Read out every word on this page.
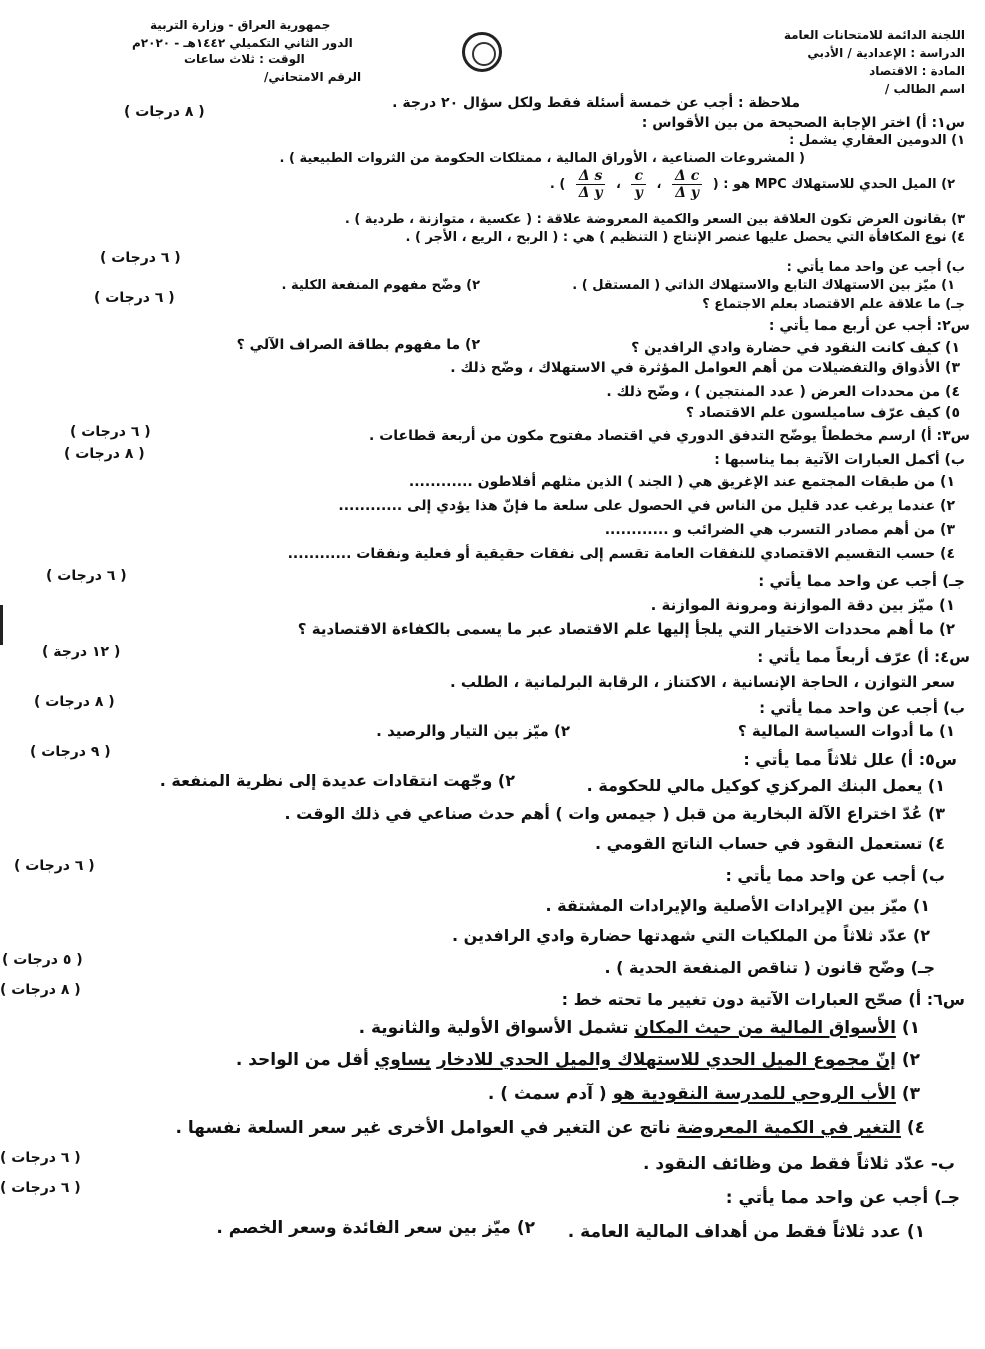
جمهورية العراق - وزارة التربية
الدور الثاني التكميلي ١٤٤٢هـ - ٢٠٢٠م
الوقت : ثلاث ساعات
الرقم الامتحاني/
اللجنة الدائمة للامتحانات العامة
الدراسة : الإعدادية / الأدبي
المادة : الاقتصاد
اسم الطالب /
ملاحظة : أجب عن خمسة أسئلة فقط ولكل سؤال ٢٠ درجة .
( ٨ درجات )
س١: أ) اختر الإجابة الصحيحة من بين الأقواس :
١) الدومين العقاري يشمل :
( المشروعات الصناعية ، الأوراق المالية ، ممتلكات الحكومة من الثروات الطبيعية ) .
٢) الميل الحدي للاستهلاك MPC هو : (
$\frac{\text{Δ c}}{\text{Δ y}}$
،
$\frac{c}{y}$
،
$\frac{\text{Δ s}}{\text{Δ y}}$
) .
٣) بقانون العرض تكون العلاقة بين السعر والكمية المعروضة علاقة : ( عكسية ، متوازنة ، طردية ) .
٤) نوع المكافأة التي يحصل عليها عنصر الإنتاج ( التنظيم ) هي : ( الربح ، الريع ، الأجر ) .
( ٦ درجات )
ب) أجب عن واحد مما يأتي :
١) ميّز بين الاستهلاك التابع والاستهلاك الذاتي ( المستقل ) .
٢) وضّح مفهوم المنفعة الكلية .
( ٦ درجات )	جـ) ما علاقة علم الاقتصاد بعلم الاجتماع ؟
س٢: أجب عن أربع مما يأتي :
١) كيف كانت النقود في حضارة وادي الرافدين ؟
٢) ما مفهوم بطاقة الصراف الآلي ؟
٣) الأذواق والتفضيلات من أهم العوامل المؤثرة في الاستهلاك ، وضّح ذلك .
٤) من محددات العرض ( عدد المنتجين ) ، وضّح ذلك .
٥) كيف عرّف ساميلسون علم الاقتصاد ؟
( ٦ درجات )	س٣: أ) ارسم مخططاً يوضّح التدفق الدوري في اقتصاد مفتوح مكون من أربعة قطاعات .
( ٨ درجات )	ب) أكمل العبارات الآتية بما يناسبها :
١) من طبقات المجتمع عند الإغريق هي ( الجند ) الذين مثلهم أفلاطون ............
٢) عندما يرغب عدد قليل من الناس في الحصول على سلعة ما فإنّ هذا يؤدي إلى ............
٣) من أهم مصادر التسرب هي الضرائب و ............
٤) حسب التقسيم الاقتصادي للنفقات العامة تقسم إلى نفقات حقيقية أو فعلية ونفقات ............
( ٦ درجات )	جـ) أجب عن واحد مما يأتي :
١) ميّز بين دقة الموازنة ومرونة الموازنة .
٢) ما أهم محددات الاختيار التي يلجأ إليها علم الاقتصاد عبر ما يسمى بالكفاءة الاقتصادية ؟
( ١٢ درجة )	س٤: أ) عرّف أربعاً مما يأتي :
سعر التوازن ، الحاجة الإنسانية ، الاكتناز ، الرقابة البرلمانية ، الطلب .
( ٨ درجات )	ب) أجب عن واحد مما يأتي :
١) ما أدوات السياسة المالية ؟
٢) ميّز بين التيار والرصيد .
( ٩ درجات )	س٥: أ) علل ثلاثاً مما يأتي :
١) يعمل البنك المركزي كوكيل مالي للحكومة .
٢) وجّهت انتقادات عديدة إلى نظرية المنفعة .
٣) عُدّ اختراع الآلة البخارية من قبل ( جيمس وات ) أهم حدث صناعي في ذلك الوقت .
٤) تستعمل النقود في حساب الناتج القومي .
( ٦ درجات )	ب) أجب عن واحد مما يأتي :
١) ميّز بين الإيرادات الأصلية والإيرادات المشتقة .
٢) عدّد ثلاثاً من الملكيات التي شهدتها حضارة وادي الرافدين .
( ٥ درجات )	جـ) وضّح قانون ( تناقص المنفعة الحدية ) .
( ٨ درجات )	س٦: أ) صحّح العبارات الآتية دون تغيير ما تحته خط :
١) الأسواق المالية من حيث المكان تشمل الأسواق الأولية والثانوية .
٢) إنّ مجموع الميل الحدي للاستهلاك والميل الحدي للادخار يساوي أقل من الواحد .
٣) الأب الروحي للمدرسة النقودية هو ( آدم سمث ) .
٤) التغير في الكمية المعروضة ناتج عن التغير في العوامل الأخرى غير سعر السلعة نفسها .
( ٦ درجات )	ب- عدّد ثلاثاً فقط من وظائف النقود .
( ٦ درجات )	جـ) أجب عن واحد مما يأتي :
١) عدد ثلاثاً فقط من أهداف المالية العامة .
٢) ميّز بين سعر الفائدة وسعر الخصم .
